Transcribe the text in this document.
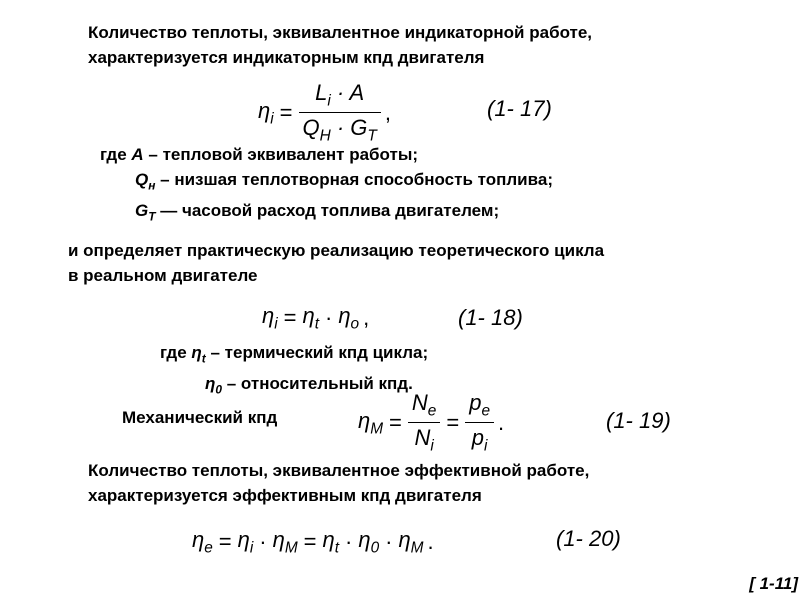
Количество теплоты, эквивалентное индикаторной работе,
характеризуется индикаторным кпд двигателя
$\eta_i = \frac{L_i \cdot A}{Q_H \cdot G_T}$ ,	(1- 17)
где A – тепловой эквивалент работы;
$Q_н$ – низшая теплотворная способность топлива;
$G_T$ — часовой расход топлива двигателем;
и определяет практическую реализацию теоретического цикла
в реальном двигателе
$\eta_i = \eta_t \cdot \eta_o$ ,	(1- 18)
где $\eta_t$ – термический кпд цикла;
$\eta_0$ – относительный кпд.
Механический кпд	$\eta_M = \frac{N_e}{N_i} = \frac{p_e}{p_i}$ .	(1- 19)
Количество теплоты, эквивалентное эффективной работе,
характеризуется эффективным кпд двигателя
$\eta_e = \eta_i \cdot \eta_M = \eta_t \cdot \eta_0 \cdot \eta_M$ .	(1- 20)
[ 1-11]
